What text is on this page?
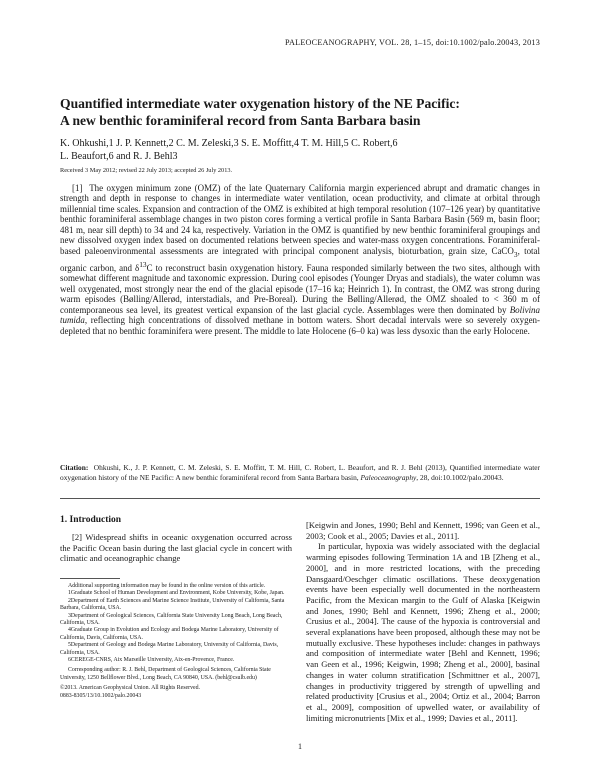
PALEOCEANOGRAPHY, VOL. 28, 1–15, doi:10.1002/palo.20043, 2013
Quantified intermediate water oxygenation history of the NE Pacific:
A new benthic foraminiferal record from Santa Barbara basin
K. Ohkushi,1 J. P. Kennett,2 C. M. Zeleski,3 S. E. Moffitt,4 T. M. Hill,5 C. Robert,6
L. Beaufort,6 and R. J. Behl3
Received 3 May 2012; revised 22 July 2013; accepted 26 July 2013.

[1] The oxygen minimum zone (OMZ) of the late Quaternary California margin experienced abrupt and dramatic changes in strength and depth in response to changes in intermediate water ventilation, ocean productivity, and climate at orbital through millennial time scales. Expansion and contraction of the OMZ is exhibited at high temporal resolution (107–126 year) by quantitative benthic foraminiferal assemblage changes in two piston cores forming a vertical profile in Santa Barbara Basin (569 m, basin floor; 481 m, near sill depth) to 34 and 24 ka, respectively. Variation in the OMZ is quantified by new benthic foraminiferal groupings and new dissolved oxygen index based on documented relations between species and water-mass oxygen concentrations. Foraminiferal-based paleoenvironmental assessments are integrated with principal component analysis, bioturbation, grain size, CaCO$_3$, total organic carbon, and $\delta^{13}C$ to reconstruct basin oxygenation history. Fauna responded similarly between the two sites, although with somewhat different magnitude and taxonomic expression. During cool episodes (Younger Dryas and stadials), the water column was well oxygenated, most strongly near the end of the glacial episode (17–16 ka; Heinrich 1). In contrast, the OMZ was strong during warm episodes (Bølling/Allerød, interstadials, and Pre-Boreal). During the Bølling/Allerød, the OMZ shoaled to < 360 m of contemporaneous sea level, its greatest vertical expansion of the last glacial cycle. Assemblages were then dominated by Bolivina tumida, reflecting high concentrations of dissolved methane in bottom waters. Short decadal intervals were so severely oxygen-depleted that no benthic foraminifera were present. The middle to late Holocene (6–0 ka) was less dysoxic than the early Holocene.

Citation: Ohkushi, K., J. P. Kennett, C. M. Zeleski, S. E. Moffitt, T. M. Hill, C. Robert, L. Beaufort, and R. J. Behl (2013), Quantified intermediate water oxygenation history of the NE Pacific: A new benthic foraminiferal record from Santa Barbara basin, Paleoceanography, 28, doi:10.1002/palo.20043.
1. Introduction
[2] Widespread shifts in oceanic oxygenation occurred across the Pacific Ocean basin during the last glacial cycle in concert with climatic and oceanographic change

Additional supporting information may be found in the online version of this article.

1Graduate School of Human Development and Environment, Kobe University, Kobe, Japan.

2Department of Earth Sciences and Marine Science Institute, University of California, Santa Barbara, California, USA.

3Department of Geological Sciences, California State University Long Beach, Long Beach, California, USA.

4Graduate Group in Evolution and Ecology and Bodega Marine Laboratory, University of California, Davis, California, USA.

5Department of Geology and Bodega Marine Laboratory, University of California, Davis, California, USA.

6CEREGE-CNRS, Aix Marseille University, Aix-en-Provence, France.

Corresponding author: R. J. Behl, Department of Geological Sciences, California State University, 1250 Bellflower Blvd., Long Beach, CA 90840, USA. (behl@csulb.edu)

©2013. American Geophysical Union. All Rights Reserved.

0883-8305/13/10.1002/palo.20043

[Keigwin and Jones, 1990; Behl and Kennett, 1996; van Geen et al., 2003; Cook et al., 2005; Davies et al., 2011].

In particular, hypoxia was widely associated with the deglacial warming episodes following Termination 1A and 1B [Zheng et al., 2000], and in more restricted locations, with the preceding Dansgaard/Oeschger climatic oscillations. These deoxygenation events have been especially well documented in the northeastern Pacific, from the Mexican margin to the Gulf of Alaska [Keigwin and Jones, 1990; Behl and Kennett, 1996; Zheng et al., 2000; Crusius et al., 2004]. The cause of the hypoxia is controversial and several explanations have been proposed, although these may not be mutually exclusive. These hypotheses include: changes in pathways and composition of intermediate water [Behl and Kennett, 1996; van Geen et al., 1996; Keigwin, 1998; Zheng et al., 2000], basinal changes in water column stratification [Schmittner et al., 2007], changes in productivity triggered by strength of upwelling and related productivity [Crusius et al., 2004; Ortiz et al., 2004; Barron et al., 2009], composition of upwelled water, or availability of limiting micronutrients [Mix et al., 1999; Davies et al., 2011].

1
